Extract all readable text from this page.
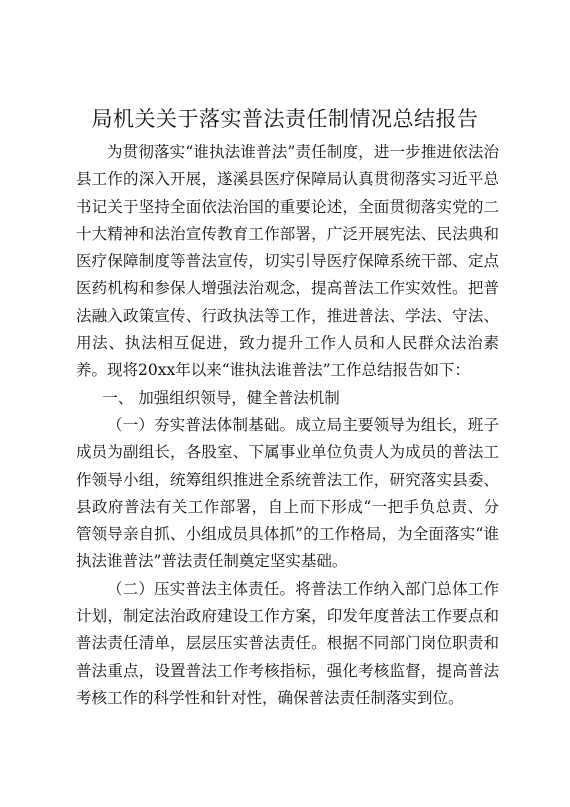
局机关关于落实普法责任制情况总结报告

为贯彻落实“谁执法谁普法”责任制度，进一步推进依法治县工作的深入开展，遂溪县医疗保障局认真贯彻落实习近平总书记关于坚持全面依法治国的重要论述，全面贯彻落实党的二十大精神和法治宣传教育工作部署，广泛开展宪法、民法典和医疗保障制度等普法宣传，切实引导医疗保障系统干部、定点医药机构和参保人增强法治观念，提高普法工作实效性。把普法融入政策宣传、行政执法等工作，推进普法、学法、守法、用法、执法相互促进，致力提升工作人员和人民群众法治素养。现将20xx年以来“谁执法谁普法”工作总结报告如下：

一、 加强组织领导，健全普法机制

（一）夯实普法体制基础。成立局主要领导为组长，班子成员为副组长，各股室、下属事业单位负责人为成员的普法工作领导小组，统筹组织推进全系统普法工作，研究落实县委、县政府普法有关工作部署，自上而下形成“一把手负总责、分管领导亲自抓、小组成员具体抓”的工作格局，为全面落实“谁执法谁普法”普法责任制奠定坚实基础。

（二）压实普法主体责任。将普法工作纳入部门总体工作计划，制定法治政府建设工作方案，印发年度普法工作要点和普法责任清单，层层压实普法责任。根据不同部门岗位职责和普法重点，设置普法工作考核指标，强化考核监督，提高普法考核工作的科学性和针对性，确保普法责任制落实到位。
